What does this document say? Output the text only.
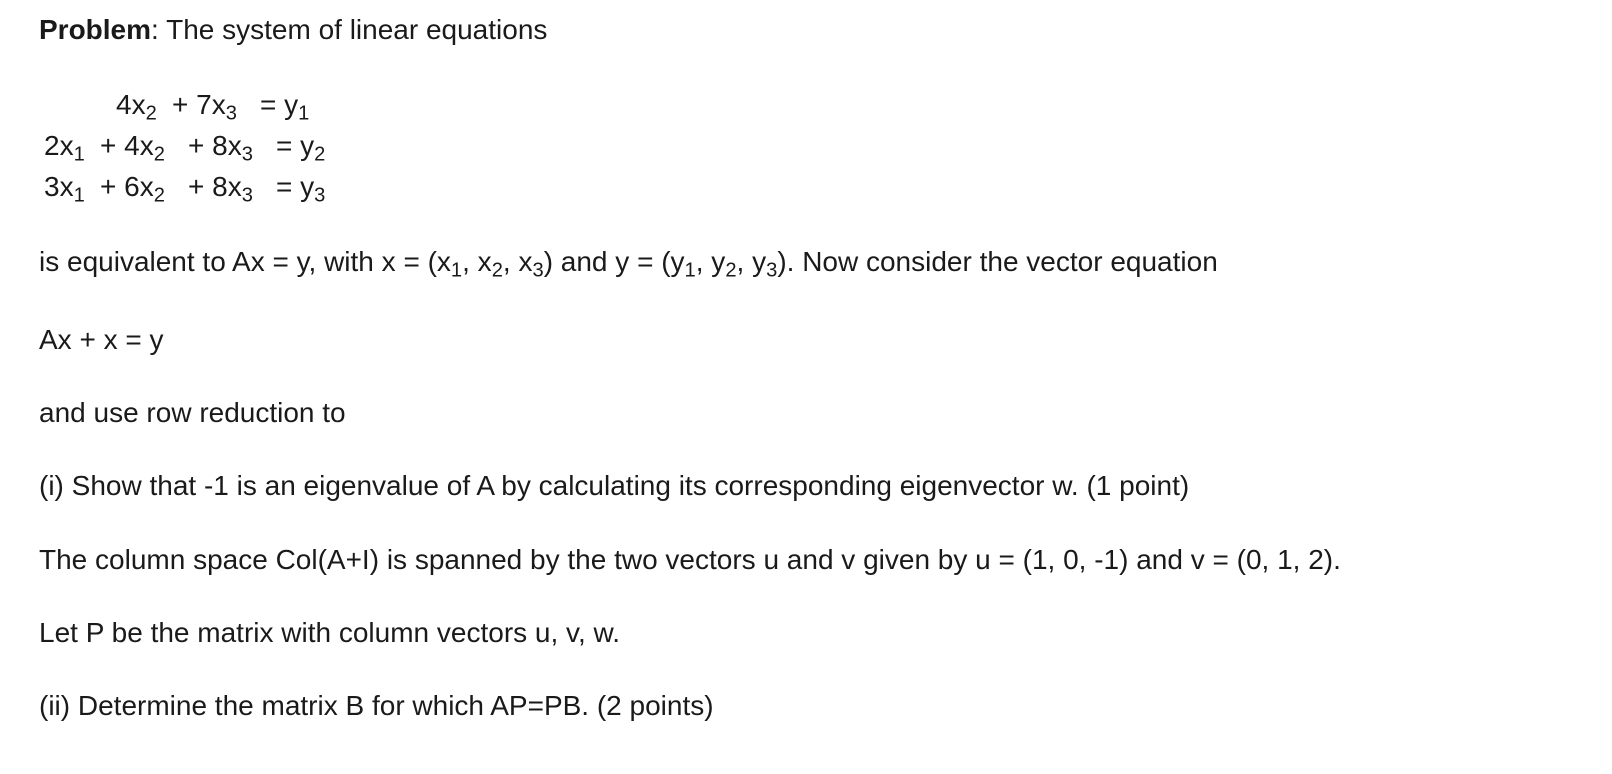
Problem: The system of linear equations
$4x_2 + 7x_3 = y_1$
$2x_1 + 4x_2 + 8x_3 = y_2$
$3x_1 + 6x_2 + 8x_3 = y_3$
is equivalent to Ax = y, with $x = (x_1$, $x_2$, $x_3$) and $y = (y_1$, $y_2$, $y_3$). Now consider the vector equation
Ax + x = y
and use row reduction to
(i) Show that -1 is an eigenvalue of A by calculating its corresponding eigenvector w. (1 point)
The column space Col(A+I) is spanned by the two vectors u and v given by u = (1, 0, -1) and v = (0, 1, 2).
Let P be the matrix with column vectors u, v, w.
(ii) Determine the matrix B for which AP=PB. (2 points)
